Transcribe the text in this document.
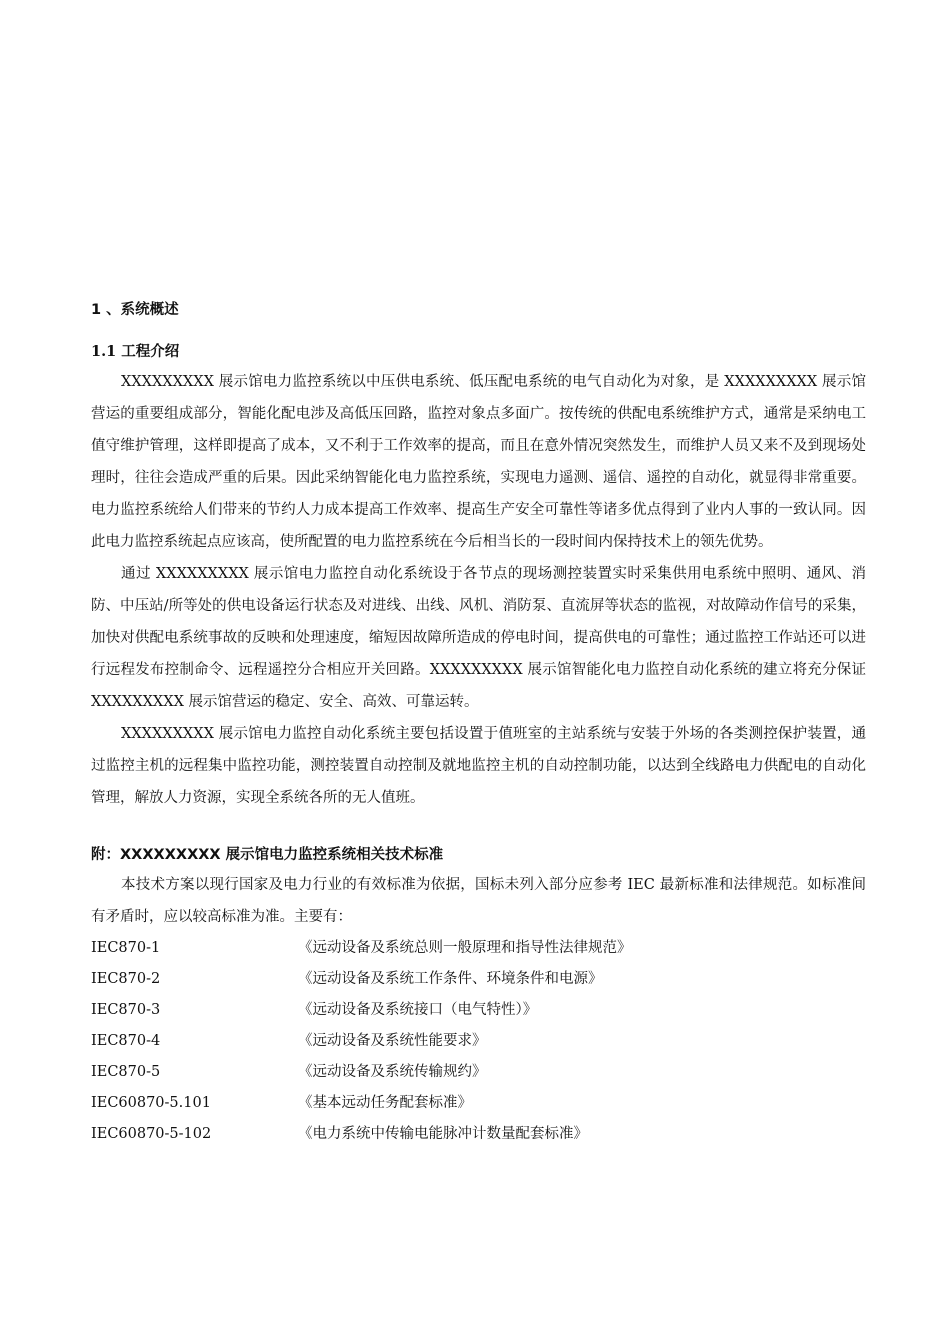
1 、系统概述
1.1 工程介绍

XXXXXXXXX 展示馆电力监控系统以中压供电系统、低压配电系统的电气自动化为对象，是 XXXXXXXXX 展示馆营运的重要组成部分，智能化配电涉及高低压回路，监控对象点多面广。按传统的供配电系统维护方式，通常是采纳电工值守维护管理，这样即提高了成本，又不利于工作效率的提高，而且在意外情况突然发生，而维护人员又来不及到现场处理时，往往会造成严重的后果。因此采纳智能化电力监控系统，实现电力遥测、遥信、遥控的自动化，就显得非常重要。电力监控系统给人们带来的节约人力成本提高工作效率、提高生产安全可靠性等诸多优点得到了业内人事的一致认同。因此电力监控系统起点应该高，使所配置的电力监控系统在今后相当长的一段时间内保持技术上的领先优势。

通过 XXXXXXXXX 展示馆电力监控自动化系统设于各节点的现场测控装置实时采集供用电系统中照明、通风、消防、中压站/所等处的供电设备运行状态及对进线、出线、风机、消防泵、直流屏等状态的监视，对故障动作信号的采集，加快对供配电系统事故的反映和处理速度，缩短因故障所造成的停电时间，提高供电的可靠性；通过监控工作站还可以进行远程发布控制命令、远程遥控分合相应开关回路。XXXXXXXXX 展示馆智能化电力监控自动化系统的建立将充分保证 XXXXXXXXX 展示馆营运的稳定、安全、高效、可靠运转。

XXXXXXXXX 展示馆电力监控自动化系统主要包括设置于值班室的主站系统与安装于外场的各类测控保护装置，通过监控主机的远程集中监控功能，测控装置自动控制及就地监控主机的自动控制功能，以达到全线路电力供配电的自动化管理，解放人力资源，实现全系统各所的无人值班。

附：XXXXXXXXX 展示馆电力监控系统相关技术标准

本技术方案以现行国家及电力行业的有效标准为依据，国标未列入部分应参考 IEC 最新标准和法律规范。如标准间有矛盾时，应以较高标准为准。主要有：

IEC870-1	《远动设备及系统总则一般原理和指导性法律规范》
IEC870-2	《远动设备及系统工作条件、环境条件和电源》
IEC870-3	《远动设备及系统接口（电气特性）》
IEC870-4	《远动设备及系统性能要求》
IEC870-5	《远动设备及系统传输规约》
IEC60870-5.101	《基本远动任务配套标准》
IEC60870-5-102	《电力系统中传输电能脉冲计数量配套标准》
